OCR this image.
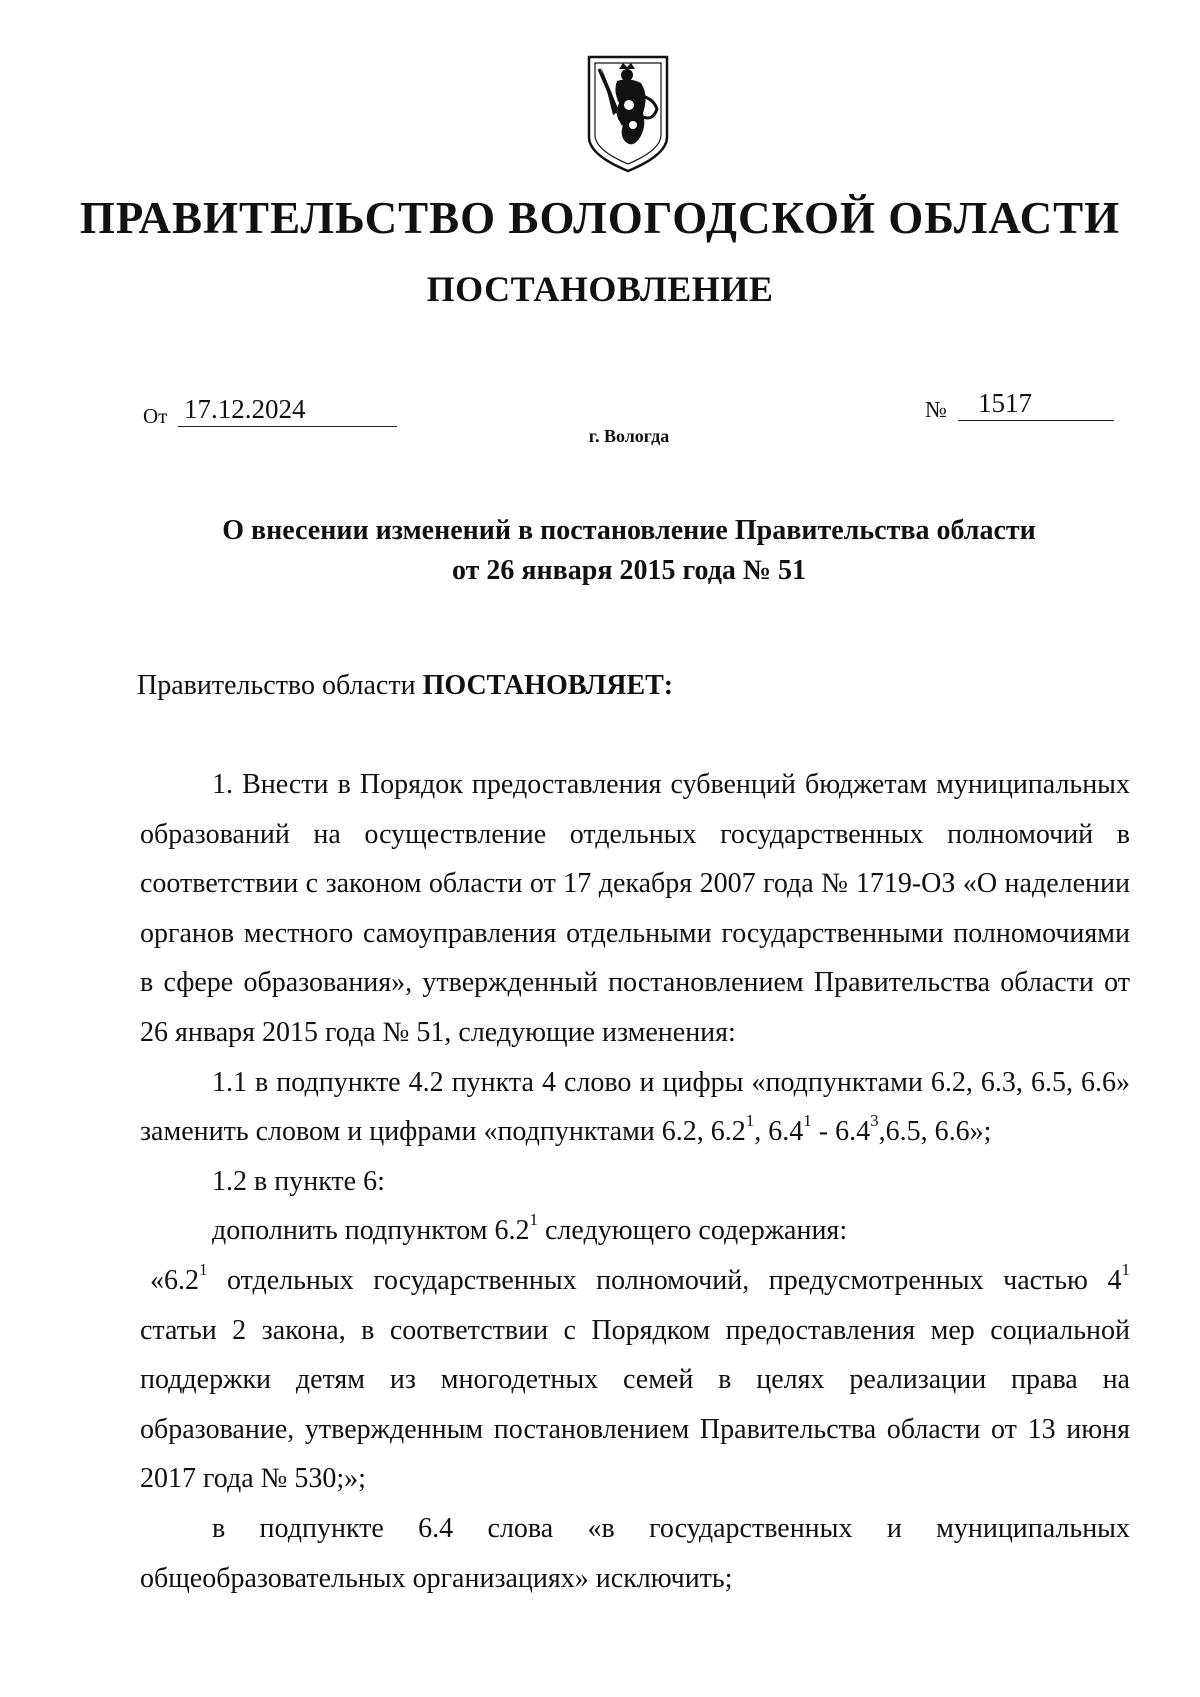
ПРАВИТЕЛЬСТВО ВОЛОГОДСКОЙ ОБЛАСТИ
ПОСТАНОВЛЕНИЕ
От 17.12.2024	№	1517
г. Вологда
О внесении изменений в постановление Правительства области
от 26 января 2015 года № 51
Правительство области ПОСТАНОВЛЯЕТ:

1. Внести в Порядок предоставления субвенций бюджетам муниципальных образований на осуществление отдельных государственных полномочий в соответствии с законом области от 17 декабря 2007 года № 1719-ОЗ «О наделении органов местного самоуправления отдельными государственными полномочиями в сфере образования», утвержденный постановлением Правительства области от 26 января 2015 года № 51, следующие изменения:

1.1 в подпункте 4.2 пункта 4 слово и цифры «подпунктами 6.2, 6.3, 6.5, 6.6» заменить словом и цифрами «подпунктами 6.2, $6.2^1$, $6.4^1 - 6.4^3,6.5$, 6.6»;

1.2 в пункте 6:

дополнить подпунктом $6.2^1$ следующего содержания:

«$6.2^1$ отдельных государственных полномочий, предусмотренных частью $4^1$ статьи 2 закона, в соответствии с Порядком предоставления мер социальной поддержки детям из многодетных семей в целях реализации права на образование, утвержденным постановлением Правительства области от 13 июня 2017 года № 530;»;

в подпункте 6.4 слова «в государственных и муниципальных общеобразовательных организациях» исключить;
